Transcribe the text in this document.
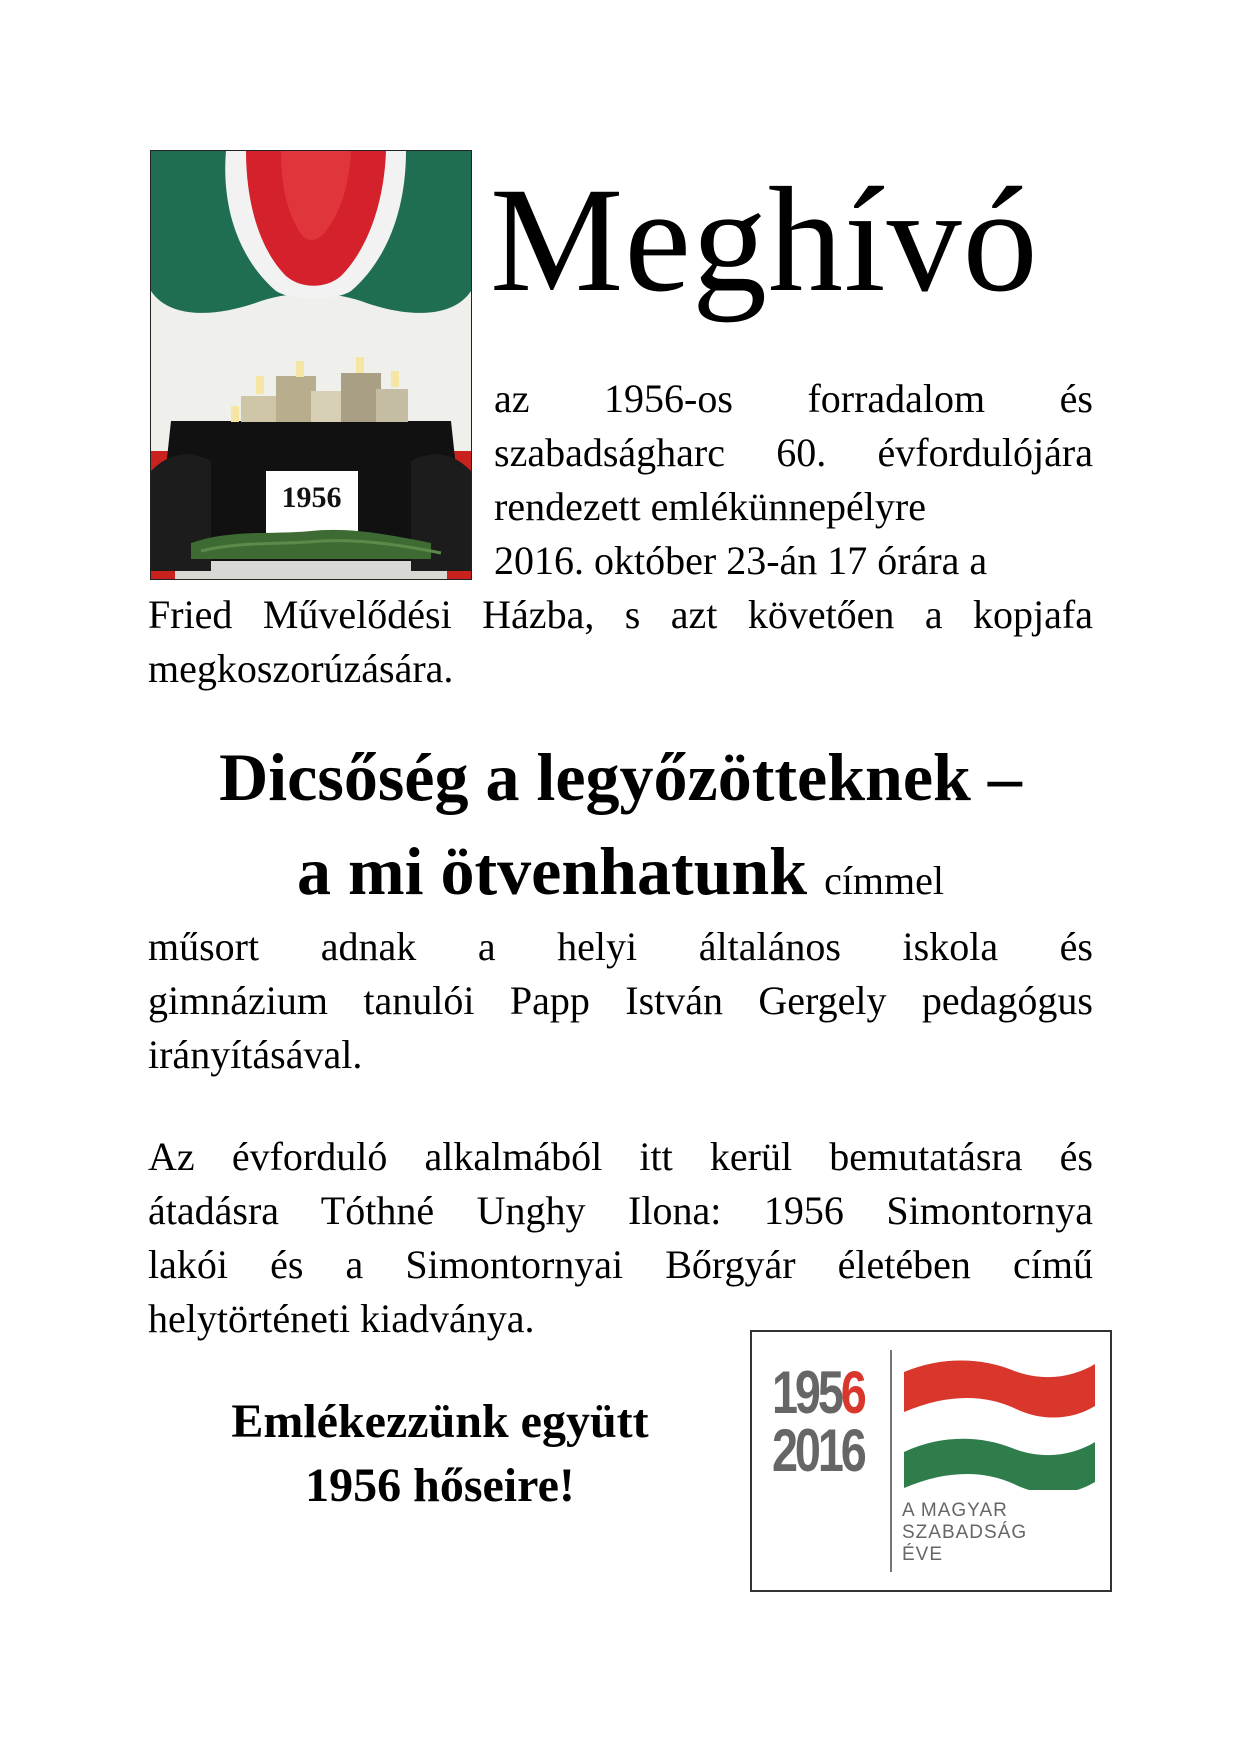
1956
Meghívó
az 1956-os forradalom és
szabadságharc 60. évfordulójára
rendezett emlékünnepélyre
2016. október 23-án 17 órára a
Fried Művelődési Házba, s azt követően a kopjafa
megkoszorúzására.
Dicsőség a legyőzötteknek –
a mi ötvenhatunk címmel
műsort adnak a helyi általános iskola és
gimnázium tanulói Papp István Gergely pedagógus
irányításával.
Az évforduló alkalmából itt kerül bemutatásra és
átadásra Tóthné Unghy Ilona: 1956 Simontornya
lakói és a Simontornyai Bőrgyár életében című
helytörténeti kiadványa.
Emlékezzünk együtt
1956 hőseire!
1956
2016
A MAGYAR
SZABADSÁG
ÉVE
